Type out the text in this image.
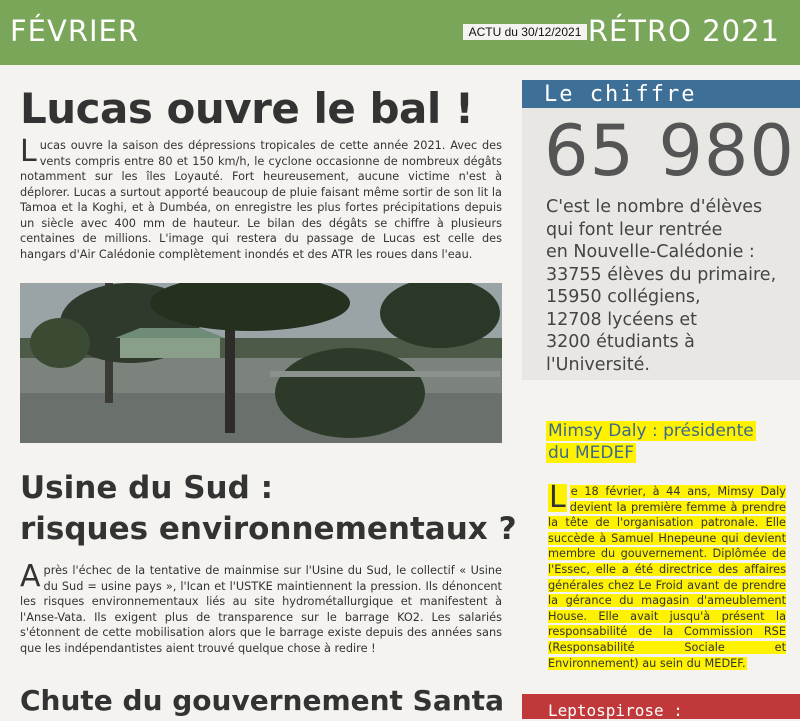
FÉVRIER	ACTU du 30/12/2021 RÉTRO 2021
Lucas ouvre le bal !
Lucas ouvre la saison des dépressions tropicales de cette année 2021. Avec des vents compris entre 80 et 150 km/h, le cyclone occasionne de nombreux dégâts notamment sur les îles Loyauté. Fort heureusement, aucune victime n'est à déplorer. Lucas a surtout apporté beaucoup de pluie faisant même sortir de son lit la Tamoa et la Koghi, et à Dumbéa, on enregistre les plus fortes précipitations depuis un siècle avec 400 mm de hauteur. Le bilan des dégâts se chiffre à plusieurs centaines de millions. L'image qui restera du passage de Lucas est celle des hangars d'Air Calédonie complètement inondés et des ATR les roues dans l'eau.
Usine du Sud :
risques environnementaux ?
Après l'échec de la tentative de mainmise sur l'Usine du Sud, le collectif « Usine du Sud = usine pays », l'Ican et l'USTKE maintiennent la pression. Ils dénoncent les risques environnementaux liés au site hydrométallurgique et manifestent à l'Anse-Vata. Ils exigent plus de transparence sur le barrage KO2. Les salariés s'étonnent de cette mobilisation alors que le barrage existe depuis des années sans que les indépendantistes aient trouvé quelque chose à redire !
Chute du gouvernement Santa
Le chiffre
65 980
C'est le nombre d'élèves
qui font leur rentrée
en Nouvelle-Calédonie :
33755 élèves du primaire,
15950 collégiens,
12708 lycéens et
3200 étudiants à
l'Université.
Mimsy Daly : présidente
du MEDEF
L e 18 février, à 44 ans, Mimsy Daly devient la première femme à prendre la tête de l'organisation patronale. Elle succède à Samuel Hnepeune qui devient membre du gouvernement. Diplômée de l'Essec, elle a été directrice des affaires générales chez Le Froid avant de prendre la gérance du magasin d'ameublement House. Elle avait jusqu'à présent la responsabilité de la Commission RSE (Responsabilité Sociale et Environnement) au sein du MEDEF.
Leptospirose :
